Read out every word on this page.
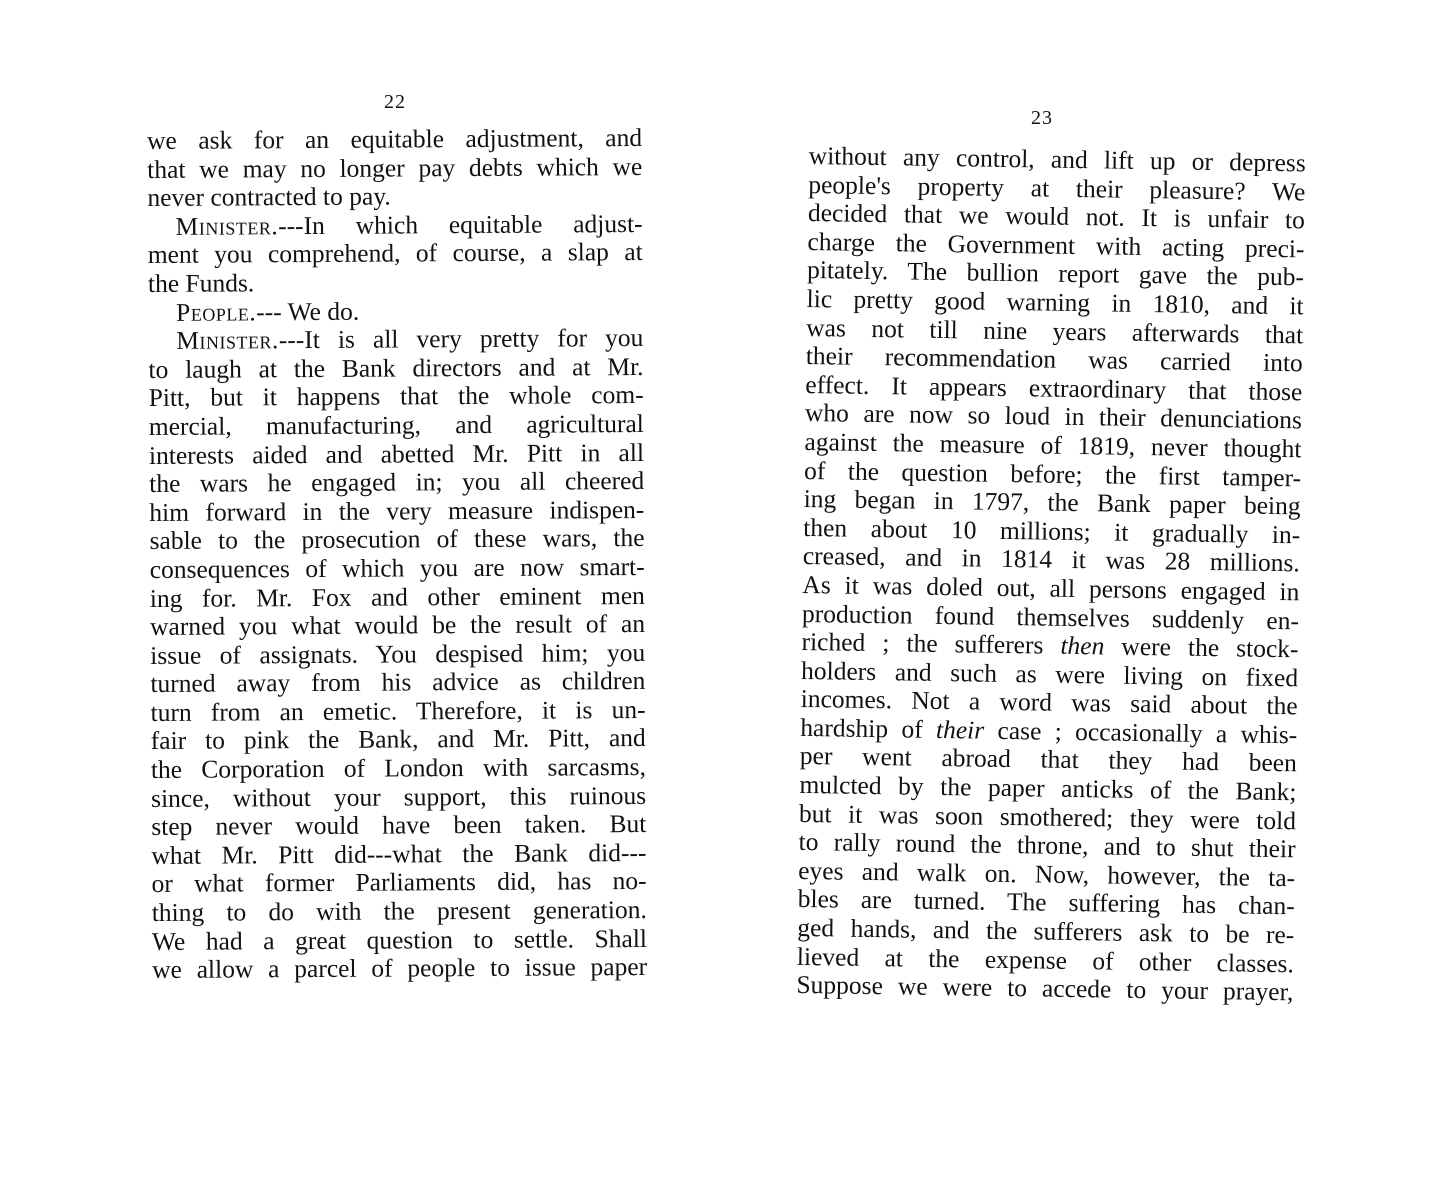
22
we ask for an equitable adjustment, and
that we may no longer pay debts which we
never contracted to pay.
Minister.---In which equitable adjust-
ment you comprehend, of course, a slap at
the Funds.
People.--- We do.
Minister.---It is all very pretty for you
to laugh at the Bank directors and at Mr.
Pitt, but it happens that the whole com-
mercial, manufacturing, and agricultural
interests aided and abetted Mr. Pitt in all
the wars he engaged in; you all cheered
him forward in the very measure indispen-
sable to the prosecution of these wars, the
consequences of which you are now smart-
ing for. Mr. Fox and other eminent men
warned you what would be the result of an
issue of assignats. You despised him; you
turned away from his advice as children
turn from an emetic. Therefore, it is un-
fair to pink the Bank, and Mr. Pitt, and
the Corporation of London with sarcasms,
since, without your support, this ruinous
step never would have been taken. But
what Mr. Pitt did---what the Bank did---
or what former Parliaments did, has no-
thing to do with the present generation.
We had a great question to settle. Shall
we allow a parcel of people to issue paper
23
without any control, and lift up or depress
people's property at their pleasure? We
decided that we would not. It is unfair to
charge the Government with acting preci-
pitately. The bullion report gave the pub-
lic pretty good warning in 1810, and it
was not till nine years afterwards that
their recommendation was carried into
effect. It appears extraordinary that those
who are now so loud in their denunciations
against the measure of 1819, never thought
of the question before; the first tamper-
ing began in 1797, the Bank paper being
then about 10 millions; it gradually in-
creased, and in 1814 it was 28 millions.
As it was doled out, all persons engaged in
production found themselves suddenly en-
riched ; the sufferers then were the stock-
holders and such as were living on fixed
incomes. Not a word was said about the
hardship of their case ; occasionally a whis-
per went abroad that they had been
mulcted by the paper anticks of the Bank;
but it was soon smothered; they were told
to rally round the throne, and to shut their
eyes and walk on. Now, however, the ta-
bles are turned. The suffering has chan-
ged hands, and the sufferers ask to be re-
lieved at the expense of other classes.
Suppose we were to accede to your prayer,
